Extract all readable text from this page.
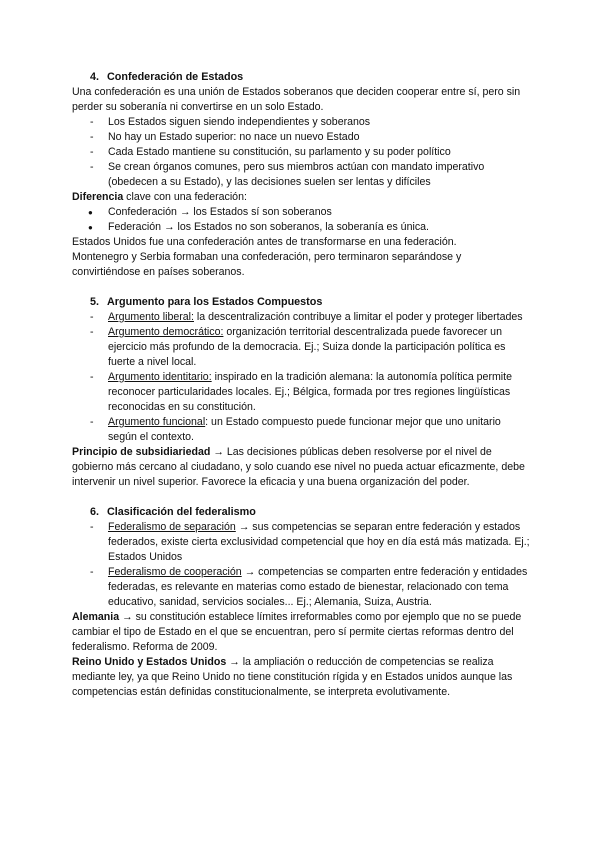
4. Confederación de Estados

Una confederación es una unión de Estados soberanos que deciden cooperar entre sí, pero sin perder su soberanía ni convertirse en un solo Estado.

- Los Estados siguen siendo independientes y soberanos
- No hay un Estado superior: no nace un nuevo Estado
- Cada Estado mantiene su constitución, su parlamento y su poder político
- Se crean órganos comunes, pero sus miembros actúan con mandato imperativo (obedecen a su Estado), y las decisiones suelen ser lentas y difíciles

Diferencia clave con una federación:

● Confederación → los Estados sí son soberanos
● Federación → los Estados no son soberanos, la soberanía es única.

Estados Unidos fue una confederación antes de transformarse en una federación.

Montenegro y Serbia formaban una confederación, pero terminaron separándose y convirtiéndose en países soberanos.

5. Argumento para los Estados Compuestos

- Argumento liberal: la descentralización contribuye a limitar el poder y proteger libertades
- Argumento democrático: organización territorial descentralizada puede favorecer un ejercicio más profundo de la democracia. Ej.; Suiza donde la participación política es fuerte a nivel local.
- Argumento identitario: inspirado en la tradición alemana: la autonomía política permite reconocer particularidades locales. Ej.; Bélgica, formada por tres regiones lingüísticas reconocidas en su constitución.
- Argumento funcional: un Estado compuesto puede funcionar mejor que uno unitario según el contexto.

Principio de subsidiariedad → Las decisiones públicas deben resolverse por el nivel de gobierno más cercano al ciudadano, y solo cuando ese nivel no pueda actuar eficazmente, debe intervenir un nivel superior. Favorece la eficacia y una buena organización del poder.

6. Clasificación del federalismo

- Federalismo de separación → sus competencias se separan entre federación y estados federados, existe cierta exclusividad competencial que hoy en día está más matizada. Ej.; Estados Unidos
- Federalismo de cooperación → competencias se comparten entre federación y entidades federadas, es relevante en materias como estado de bienestar, relacionado con tema educativo, sanidad, servicios sociales... Ej.; Alemania, Suiza, Austria.

Alemania → su constitución establece límites irreformables como por ejemplo que no se puede cambiar el tipo de Estado en el que se encuentran, pero sí permite ciertas reformas dentro del federalismo. Reforma de 2009.

Reino Unido y Estados Unidos → la ampliación o reducción de competencias se realiza mediante ley, ya que Reino Unido no tiene constitución rígida y en Estados unidos aunque las competencias están definidas constitucionalmente, se interpreta evolutivamente.
